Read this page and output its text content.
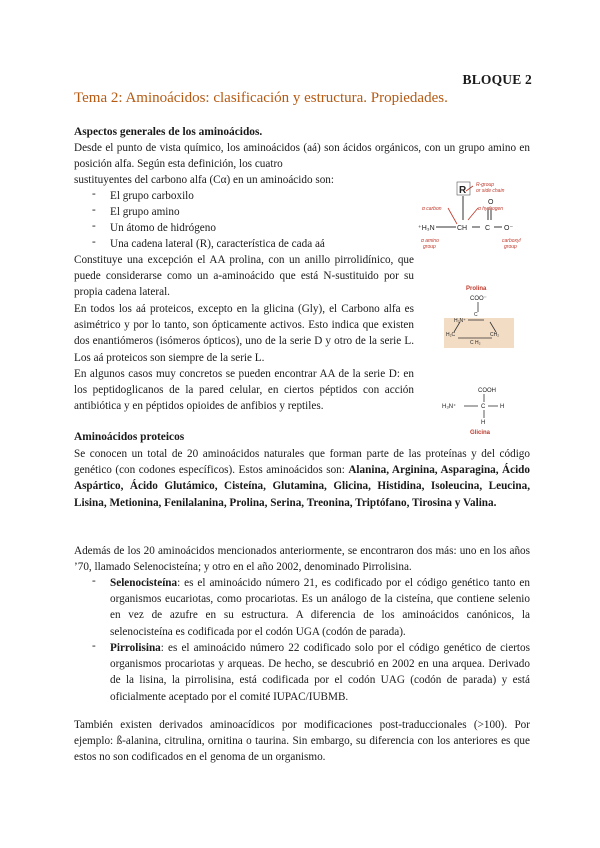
BLOQUE 2
Tema 2: Aminoácidos: clasificación y estructura. Propiedades.
Aspectos generales de los aminoácidos.

Desde el punto de vista químico, los aminoácidos (aá) son ácidos orgánicos, con un grupo amino en posición alfa. Según esta definición, los cuatro

sustituyentes del carbono alfa (Cα) en un aminoácido son:

- El grupo carboxilo
- El grupo amino
- Un átomo de hidrógeno
- Una cadena lateral (R), característica de cada aá

Constituye una excepción el AA prolina, con un anillo pirrolidínico, que puede considerarse como un a-aminoácido que está N-sustituido por su propia cadena lateral.

En todos los aá proteicos, excepto en la glicina (Gly), el Carbono alfa es asimétrico y por lo tanto, son ópticamente activos. Esto indica que existen dos enantiómeros (isómeros ópticos), uno de la serie D y otro de la serie L. Los aá proteicos son siempre de la serie L.

En algunos casos muy concretos se pueden encontrar AA de la serie D: en los peptidoglicanos de la pared celular, en ciertos péptidos con acción antibiótica y en péptidos opioides de anfibios y reptiles.

R R-group
or side chain
α carbon	α hydrogen
O
⁺H₃N	CH	C O⁻
α amino
group
carboxyl
group
Prolina
COO⁻
H₂N⁺
C
H₂C	CH₂
C H₂
COOH
H₃N⁺	C H
H
Glicina
Aminoácidos proteicos

Se conocen un total de 20 aminoácidos naturales que forman parte de las proteínas y del código genético (con codones específicos). Estos aminoácidos son: Alanina, Arginina, Asparagina, Ácido Aspártico, Ácido Glutámico, Cisteína, Glutamina, Glicina, Histidina, Isoleucina, Leucina, Lisina, Metionina, Fenilalanina, Prolina, Serina, Treonina, Triptófano, Tirosina y Valina.

Además de los 20 aminoácidos mencionados anteriormente, se encontraron dos más: uno en los años ’70, llamado Selenocisteína; y otro en el año 2002, denominado Pirrolisina.

- Selenocisteína: es el aminoácido número 21, es codificado por el código genético tanto en organismos eucariotas, como procariotas. Es un análogo de la cisteína, que contiene selenio en vez de azufre en su estructura. A diferencia de los aminoácidos canónicos, la selenocisteína es codificada por el codón UGA (codón de parada).

- Pirrolisina: es el aminoácido número 22 codificado solo por el código genético de ciertos organismos procariotas y arqueas. De hecho, se descubrió en 2002 en una arquea. Derivado de la lisina, la pirrolisina, está codificada por el codón UAG (codón de parada) y está oficialmente aceptado por el comité IUPAC/IUBMB.

También existen derivados aminoacídicos por modificaciones post-traduccionales (>100). Por ejemplo: ß-alanina, citrulina, ornitina o taurina. Sin embargo, su diferencia con los anteriores es que estos no son codificados en el genoma de un organismo.
